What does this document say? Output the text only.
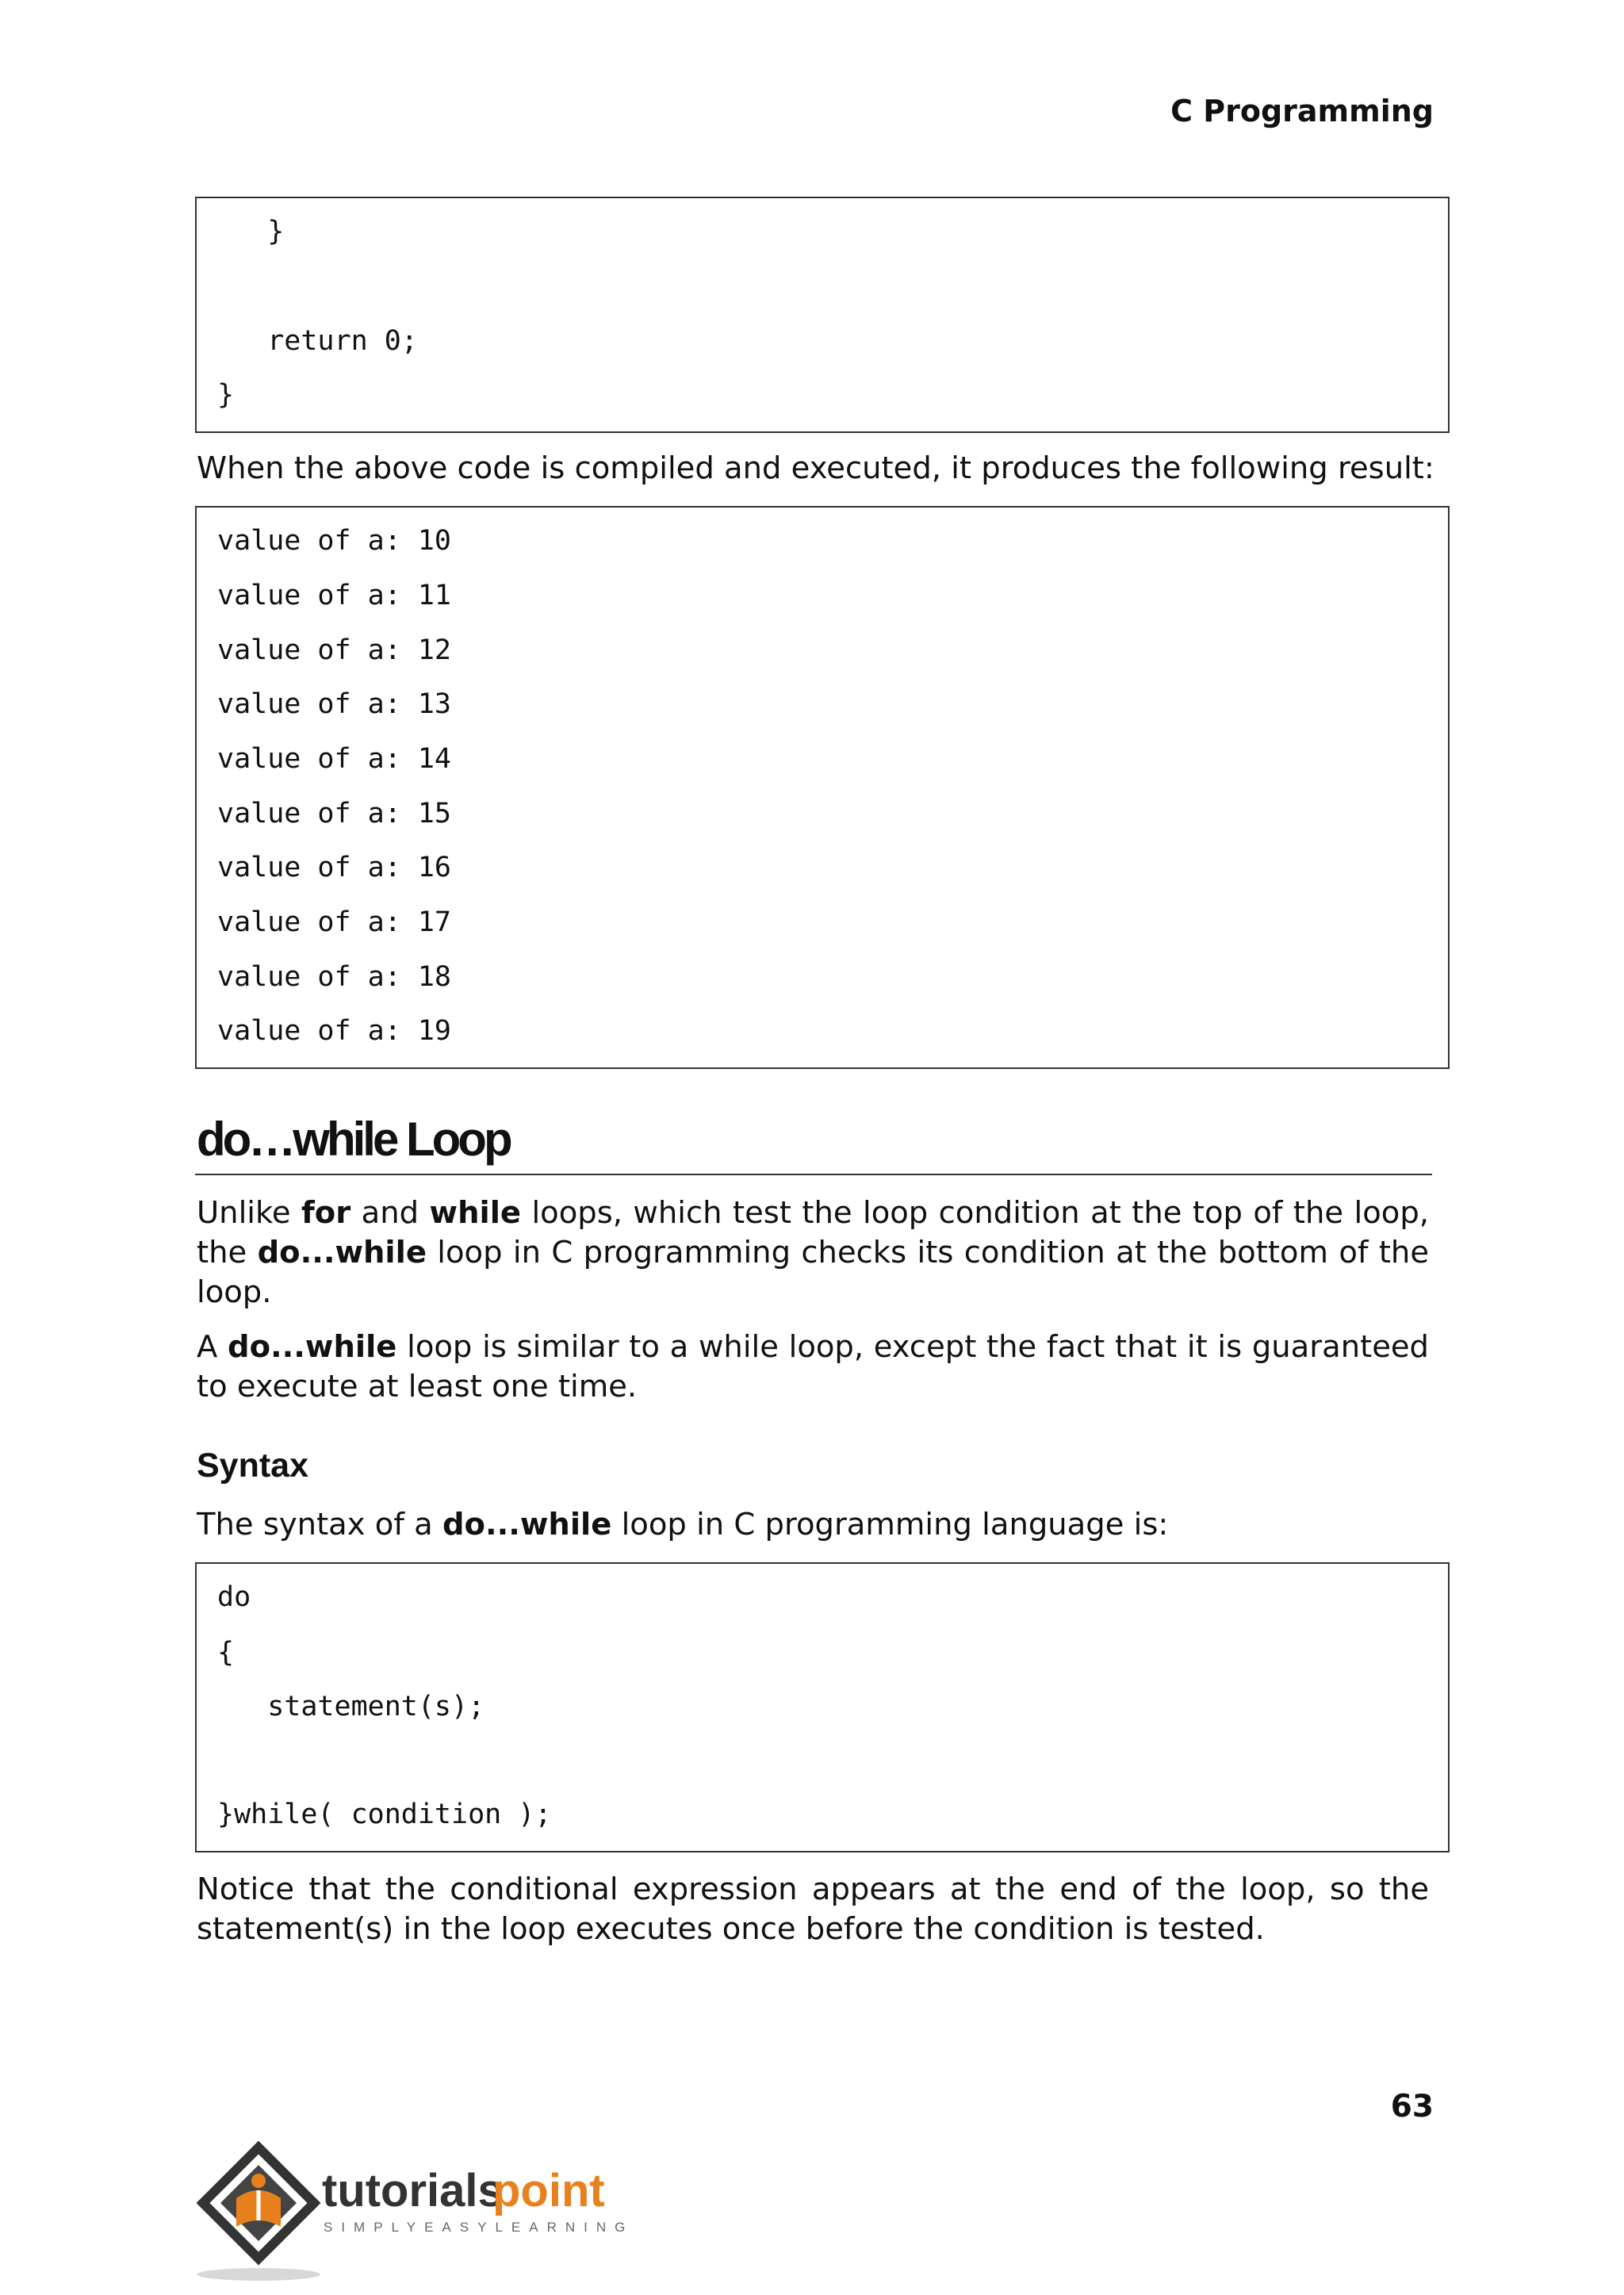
C Programming
}
return 0;
}
When the above code is compiled and executed, it produces the following result:
value of a: 10
value of a: 11
value of a: 12
value of a: 13
value of a: 14
value of a: 15
value of a: 16
value of a: 17
value of a: 18
value of a: 19
do…while Loop
Unlike for and while loops, which test the loop condition at the top of the loop, the do...while loop in C programming checks its condition at the bottom of the loop.
A do...while loop is similar to a while loop, except the fact that it is guaranteed to execute at least one time.
Syntax
The syntax of a do...while loop in C programming language is:
do
{
statement(s);
}while( condition );
Notice that the conditional expression appears at the end of the loop, so the statement(s) in the loop executes once before the condition is tested.
63
tutorials
point
SIMPLYEASYLEARNING
